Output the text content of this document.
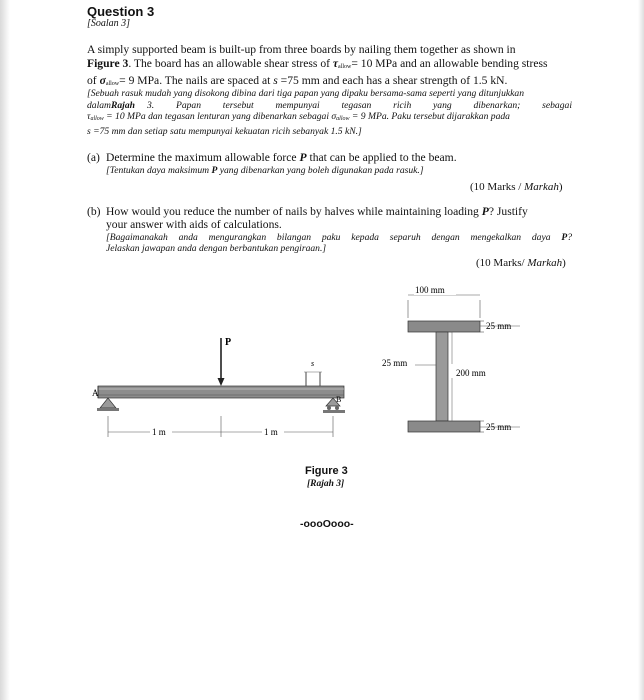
Question 3
[Soalan 3]
A simply supported beam is built-up from three boards by nailing them together as shown in
Figure 3. The board has an allowable shear stress of τallow= 10 MPa and an allowable bending stress
of σallow= 9 MPa. The nails are spaced at s =75 mm and each has a shear strength of 1.5 kN.
[Sebuah rasuk mudah yang disokong dibina dari tiga papan yang dipaku bersama-sama seperti yang ditunjukkan
dalam Rajah 3. Papan tersebut mempunyai tegasan ricih yang dibenarkan; sebagai
τallow = 10 MPa dan tegasan lenturan yang dibenarkan sebagai σallow = 9 MPa. Paku tersebut dijarakkan pada
s =75 mm dan setiap satu mempunyai kekuatan ricih sebanyak 1.5 kN.]
(a) Determine the maximum allowable force P that can be applied to the beam.
[Tentukan daya maksimum P yang dibenarkan yang boleh digunakan pada rasuk.]
(10 Marks / Markah)
(b) How would you reduce the number of nails by halves while maintaining loading P? Justify
your answer with aids of calculations.
[Bagaimanakah anda mengurangkan bilangan paku kepada separuh dengan mengekalkan daya P?
Jelaskan jawapan anda dengan berbantukan pengiraan.]
(10 Marks/ Markah)
s
P
A
B
1 m	1 m
100 mm
25 mm
25 mm
200 mm
25 mm
Figure 3
[Rajah 3]
-oooOooo-
